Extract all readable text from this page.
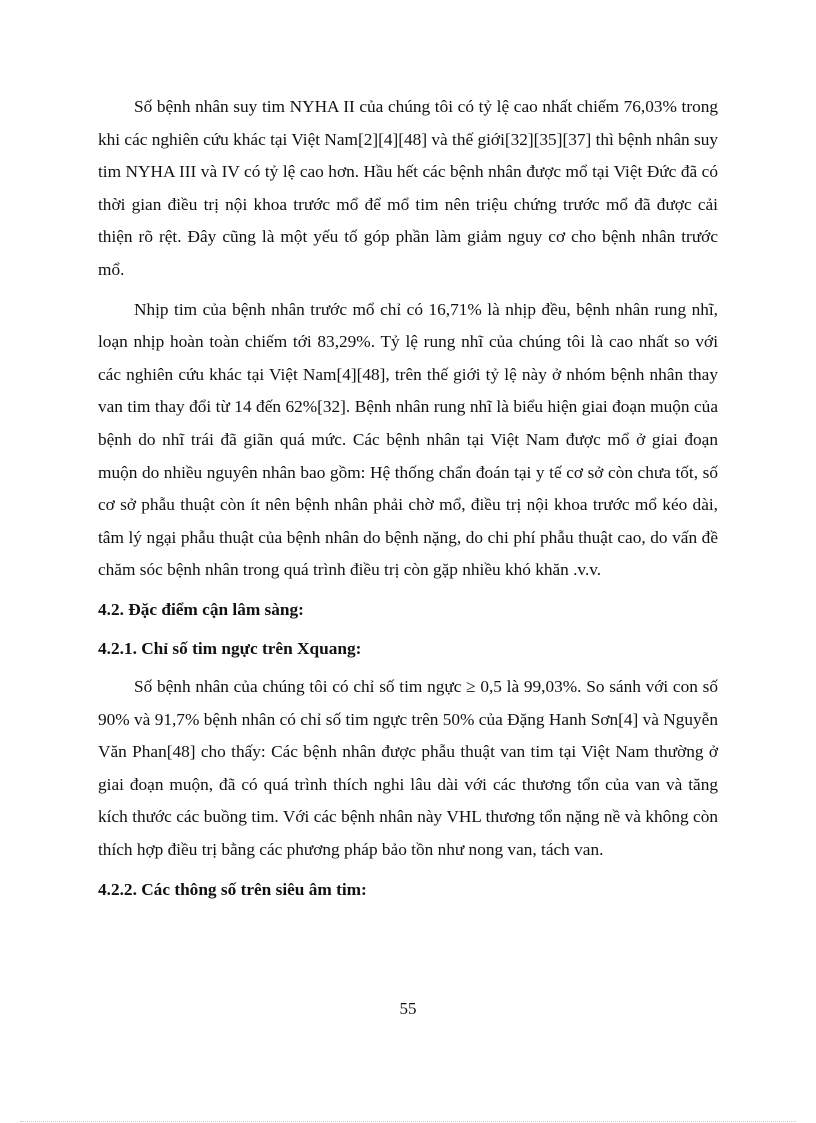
Số bệnh nhân suy tim NYHA II của chúng tôi có tỷ lệ cao nhất chiếm 76,03% trong khi các nghiên cứu khác tại Việt Nam[2][4][48] và thế giới[32][35][37] thì bệnh nhân suy tim NYHA III và IV có tỷ lệ cao hơn. Hầu hết các bệnh nhân được mổ tại Việt Đức đã có thời gian điều trị nội khoa trước mổ để mổ tim nên triệu chứng trước mổ đã được cải thiện rõ rệt. Đây cũng là một yếu tố góp phần làm giảm nguy cơ cho bệnh nhân trước mổ.

Nhịp tim của bệnh nhân trước mổ chỉ có 16,71% là nhịp đều, bệnh nhân rung nhĩ, loạn nhịp hoàn toàn chiếm tới 83,29%. Tỷ lệ rung nhĩ của chúng tôi là cao nhất so với các nghiên cứu khác tại Việt Nam[4][48], trên thế giới tỷ lệ này ở nhóm bệnh nhân thay van tim thay đổi từ 14 đến 62%[32]. Bệnh nhân rung nhĩ là biểu hiện giai đoạn muộn của bệnh do nhĩ trái đã giãn quá mức. Các bệnh nhân tại Việt Nam được mổ ở giai đoạn muộn do nhiều nguyên nhân bao gồm: Hệ thống chẩn đoán tại y tế cơ sở còn chưa tốt, số cơ sở phẫu thuật còn ít nên bệnh nhân phải chờ mổ, điều trị nội khoa trước mổ kéo dài, tâm lý ngại phẫu thuật của bệnh nhân do bệnh nặng, do chi phí phẫu thuật cao, do vấn đề chăm sóc bệnh nhân trong quá trình điều trị còn gặp nhiều khó khăn .v.v.

4.2. Đặc điểm cận lâm sàng:
4.2.1. Chỉ số tim ngực trên Xquang:

Số bệnh nhân của chúng tôi có chỉ số tim ngực ≥ 0,5 là 99,03%. So sánh với con số 90% và 91,7% bệnh nhân có chỉ số tim ngực trên 50% của Đặng Hanh Sơn[4] và Nguyễn Văn Phan[48] cho thấy: Các bệnh nhân được phẫu thuật van tim tại Việt Nam thường ở giai đoạn muộn, đã có quá trình thích nghi lâu dài với các thương tổn của van và tăng kích thước các buồng tim. Với các bệnh nhân này VHL thương tổn nặng nề và không còn thích hợp điều trị bằng các phương pháp bảo tồn như nong van, tách van.

4.2.2. Các thông số trên siêu âm tim:
55
